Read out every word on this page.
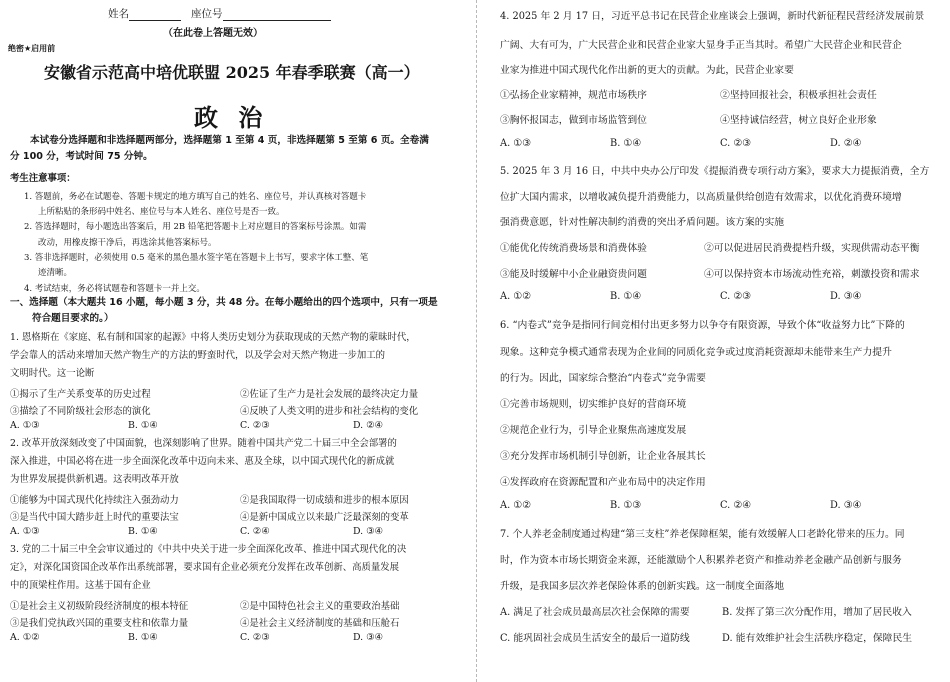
姓名	座位号
（在此卷上答题无效）
绝密★启用前
安徽省示范高中培优联盟 2025 年春季联赛（高一）
政 治
本试卷分选择题和非选择题两部分，选择题第 1 至第 4 页，非选择题第 5 至第 6 页。全卷满
分 100 分，考试时间 75 分钟。
考生注意事项：
1. 答题前，务必在试题卷、答题卡规定的地方填写自己的姓名、座位号，并认真核对答题卡
上所粘贴的条形码中姓名、座位号与本人姓名、座位号是否一致。
2. 答选择题时，每小题选出答案后，用 2B 铅笔把答题卡上对应题目的答案标号涂黑。如需
改动，用橡皮擦干净后，再选涂其他答案标号。
3. 答非选择题时，必须使用 0.5 毫米的黑色墨水签字笔在答题卡上书写，要求字体工整、笔
迹清晰。
4. 考试结束，务必将试题卷和答题卡一并上交。
一、选择题（本大题共 16 小题，每小题 3 分，共 48 分。在每小题给出的四个选项中，只有一项是
符合题目要求的。）
1. 恩格斯在《家庭、私有制和国家的起源》中将人类历史划分为获取现成的天然产物的蒙昧时代，
学会靠人的活动来增加天然产物生产的方法的野蛮时代，以及学会对天然产物进一步加工的
文明时代。这一论断
①揭示了生产关系变革的历史过程	②佐证了生产力是社会发展的最终决定力量
③描绘了不同阶级社会形态的演化	④反映了人类文明的进步和社会结构的变化
A. ①③	B. ①④	C. ②③	D. ②④
2. 改革开放深刻改变了中国面貌，也深刻影响了世界。随着中国共产党二十届三中全会部署的
深入推进，中国必将在进一步全面深化改革中迈向未来、惠及全球，以中国式现代化的新成就
为世界发展提供新机遇。这表明改革开放
①能够为中国式现代化持续注入强劲动力	②是我国取得一切成绩和进步的根本原因
③是当代中国大踏步赶上时代的重要法宝	④是新中国成立以来最广泛最深刻的变革
A. ①③	B. ①④	C. ②④	D. ③④
3. 党的二十届三中全会审议通过的《中共中央关于进一步全面深化改革、推进中国式现代化的决
定》，对深化国资国企改革作出系统部署，要求国有企业必须充分发挥在改革创新、高质量发展
中的顶梁柱作用。这基于国有企业
①是社会主义初级阶段经济制度的根本特征	②是中国特色社会主义的重要政治基础
③是我们党执政兴国的重要支柱和依靠力量	④是社会主义经济制度的基础和压舱石
A. ①②	B. ①④	C. ②③	D. ③④
4. 2025 年 2 月 17 日，习近平总书记在民营企业座谈会上强调，新时代新征程民营经济发展前景
广阔、大有可为，广大民营企业和民营企业家大显身手正当其时。希望广大民营企业和民营企
业家为推进中国式现代化作出新的更大的贡献。为此，民营企业家要
①弘扬企业家精神，规范市场秩序	②坚持回报社会，积极承担社会责任
③胸怀报国志，做到市场监管到位	④坚持诚信经营，树立良好企业形象
A. ①③	B. ①④	C. ②③	D. ②④
5. 2025 年 3 月 16 日，中共中央办公厅印发《提振消费专项行动方案》，要求大力提振消费，全方
位扩大国内需求，以增收减负提升消费能力，以高质量供给创造有效需求，以优化消费环境增
强消费意愿，针对性解决制约消费的突出矛盾问题。该方案的实施
①能优化传统消费场景和消费体验	②可以促进居民消费提档升级，实现供需动态平衡
③能及时缓解中小企业融资贵问题	④可以保持资本市场流动性充裕，刺激投资和需求
A. ①②	B. ①④	C. ②③	D. ③④
6. “内卷式”竞争是指同行间竞相付出更多努力以争夺有限资源，导致个体“收益努力比”下降的
现象。这种竞争模式通常表现为企业间的同质化竞争或过度消耗资源却未能带来生产力提升
的行为。因此，国家综合整治“内卷式”竞争需要
①完善市场规则，切实维护良好的营商环境
②规范企业行为，引导企业聚焦高速度发展
③充分发挥市场机制引导创新，让企业各展其长
④发挥政府在资源配置和产业布局中的决定作用
A. ①②	B. ①③	C. ②④	D. ③④
7. 个人养老金制度通过构建“第三支柱”养老保障框架，能有效缓解人口老龄化带来的压力。同
时，作为资本市场长期资金来源，还能激励个人积累养老资产和推动养老金融产品创新与服务
升级，是我国多层次养老保险体系的创新实践。这一制度全面落地
A. 满足了社会成员最高层次社会保障的需要	B. 发挥了第三次分配作用，增加了居民收入
C. 能巩固社会成员生活安全的最后一道防线	D. 能有效维护社会生活秩序稳定，保障民生
